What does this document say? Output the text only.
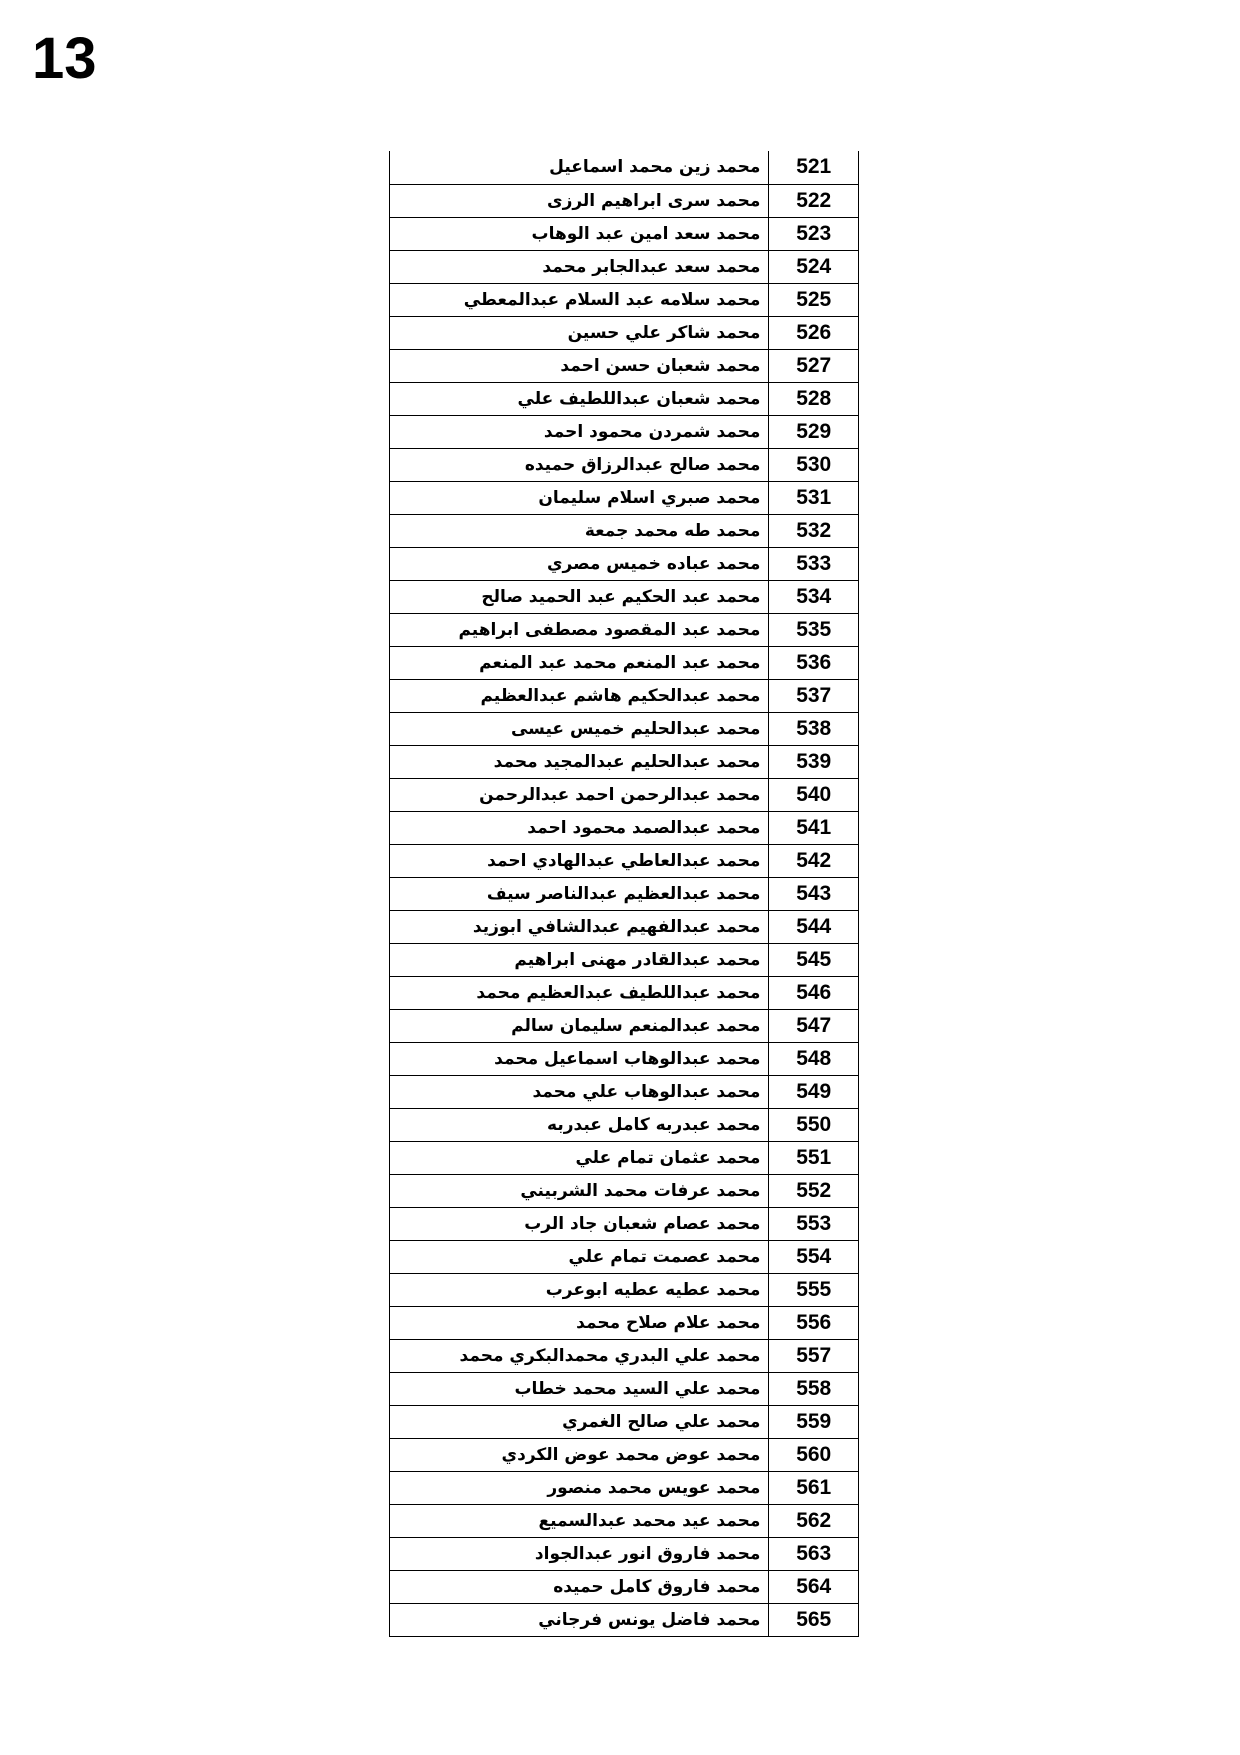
13
محمد زين محمد اسماعيل	521
محمد سرى ابراهيم الرزى	522
محمد سعد امين عبد الوهاب	523
محمد سعد عبدالجابر محمد	524
محمد سلامه عبد السلام عبدالمعطي	525
محمد شاكر علي حسين	526
محمد شعبان حسن احمد	527
محمد شعبان عبداللطيف علي	528
محمد شمردن محمود احمد	529
محمد صالح عبدالرزاق حميده	530
محمد صبري اسلام سليمان	531
محمد طه محمد جمعة	532
محمد عباده خميس مصري	533
محمد عبد الحكيم عبد الحميد صالح	534
محمد عبد المقصود مصطفى ابراهيم	535
محمد عبد المنعم محمد عبد المنعم	536
محمد عبدالحكيم هاشم عبدالعظيم	537
محمد عبدالحليم خميس عيسى	538
محمد عبدالحليم عبدالمجيد محمد	539
محمد عبدالرحمن احمد عبدالرحمن	540
محمد عبدالصمد محمود احمد	541
محمد عبدالعاطي عبدالهادي احمد	542
محمد عبدالعظيم عبدالناصر سيف	543
محمد عبدالفهيم عبدالشافي ابوزيد	544
محمد عبدالقادر مهنى ابراهيم	545
محمد عبداللطيف عبدالعظيم محمد	546
محمد عبدالمنعم سليمان سالم	547
محمد عبدالوهاب اسماعيل محمد	548
محمد عبدالوهاب علي محمد	549
محمد عبدربه كامل عبدربه	550
محمد عثمان تمام علي	551
محمد عرفات محمد الشربيني	552
محمد عصام شعبان جاد الرب	553
محمد عصمت تمام علي	554
محمد عطيه عطيه ابوعرب	555
محمد علام صلاح محمد	556
محمد علي البدري محمدالبكري محمد	557
محمد علي السيد محمد خطاب	558
محمد علي صالح الغمري	559
محمد عوض محمد عوض الكردي	560
محمد عويس محمد منصور	561
محمد عيد محمد عبدالسميع	562
محمد فاروق انور عبدالجواد	563
محمد فاروق كامل حميده	564
محمد فاضل يونس فرجاني	565
